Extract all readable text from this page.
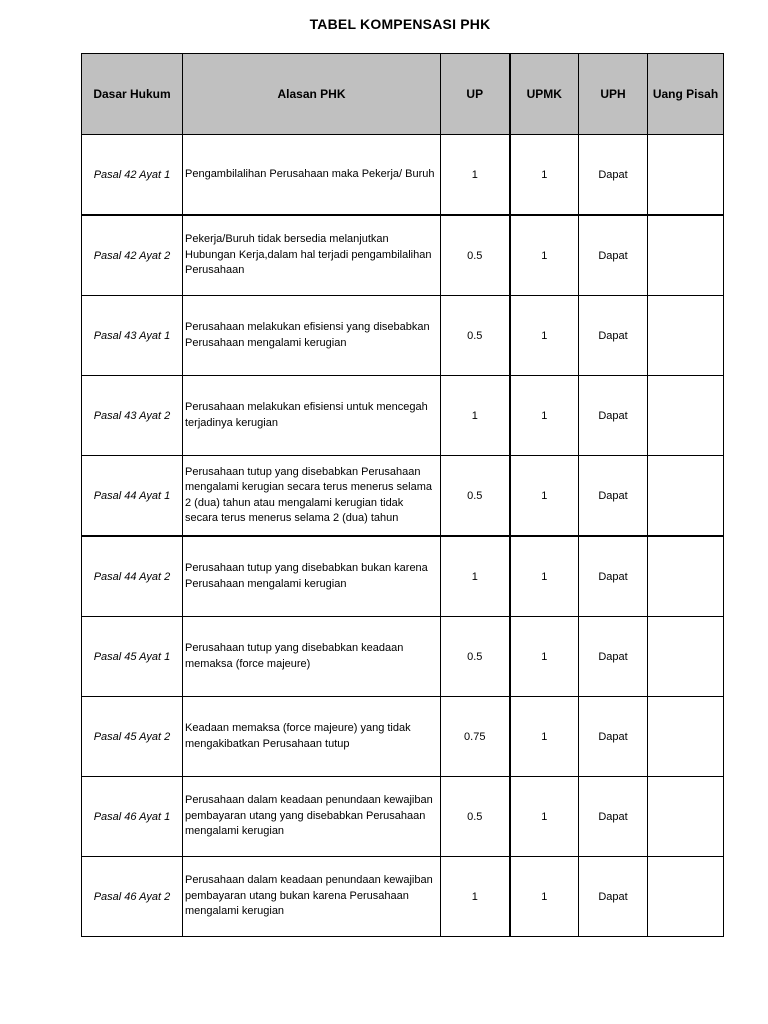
TABEL KOMPENSASI PHK
Dasar Hukum	Alasan PHK	UP	UPMK	UPH	Uang Pisah
Pasal 42 Ayat 1	Pengambilalihan Perusahaan maka Pekerja/ Buruh	1	1	Dapat	
Pasal 42 Ayat 2	Pekerja/Buruh tidak bersedia melanjutkan Hubungan Kerja,dalam hal terjadi pengambilalihan Perusahaan	0.5	1	Dapat	
Pasal 43 Ayat 1	Perusahaan melakukan efisiensi yang disebabkan Perusahaan mengalami kerugian	0.5	1	Dapat	
Pasal 43 Ayat 2	Perusahaan melakukan efisiensi untuk mencegah terjadinya kerugian	1	1	Dapat	
Pasal 44 Ayat 1	Perusahaan tutup yang disebabkan Perusahaan mengalami kerugian secara terus menerus selama 2 (dua) tahun atau mengalami kerugian tidak secara terus menerus selama 2 (dua) tahun	0.5	1	Dapat	
Pasal 44 Ayat 2	Perusahaan tutup yang disebabkan bukan karena Perusahaan mengalami kerugian	1	1	Dapat	
Pasal 45 Ayat 1	Perusahaan tutup yang disebabkan keadaan memaksa (force majeure)	0.5	1	Dapat	
Pasal 45 Ayat 2	Keadaan memaksa (force majeure) yang tidak mengakibatkan Perusahaan tutup	0.75	1	Dapat	
Pasal 46 Ayat 1	Perusahaan dalam keadaan penundaan kewajiban pembayaran utang yang disebabkan Perusahaan mengalami kerugian	0.5	1	Dapat	
Pasal 46 Ayat 2	Perusahaan dalam keadaan penundaan kewajiban pembayaran utang bukan karena Perusahaan mengalami kerugian	1	1	Dapat	
